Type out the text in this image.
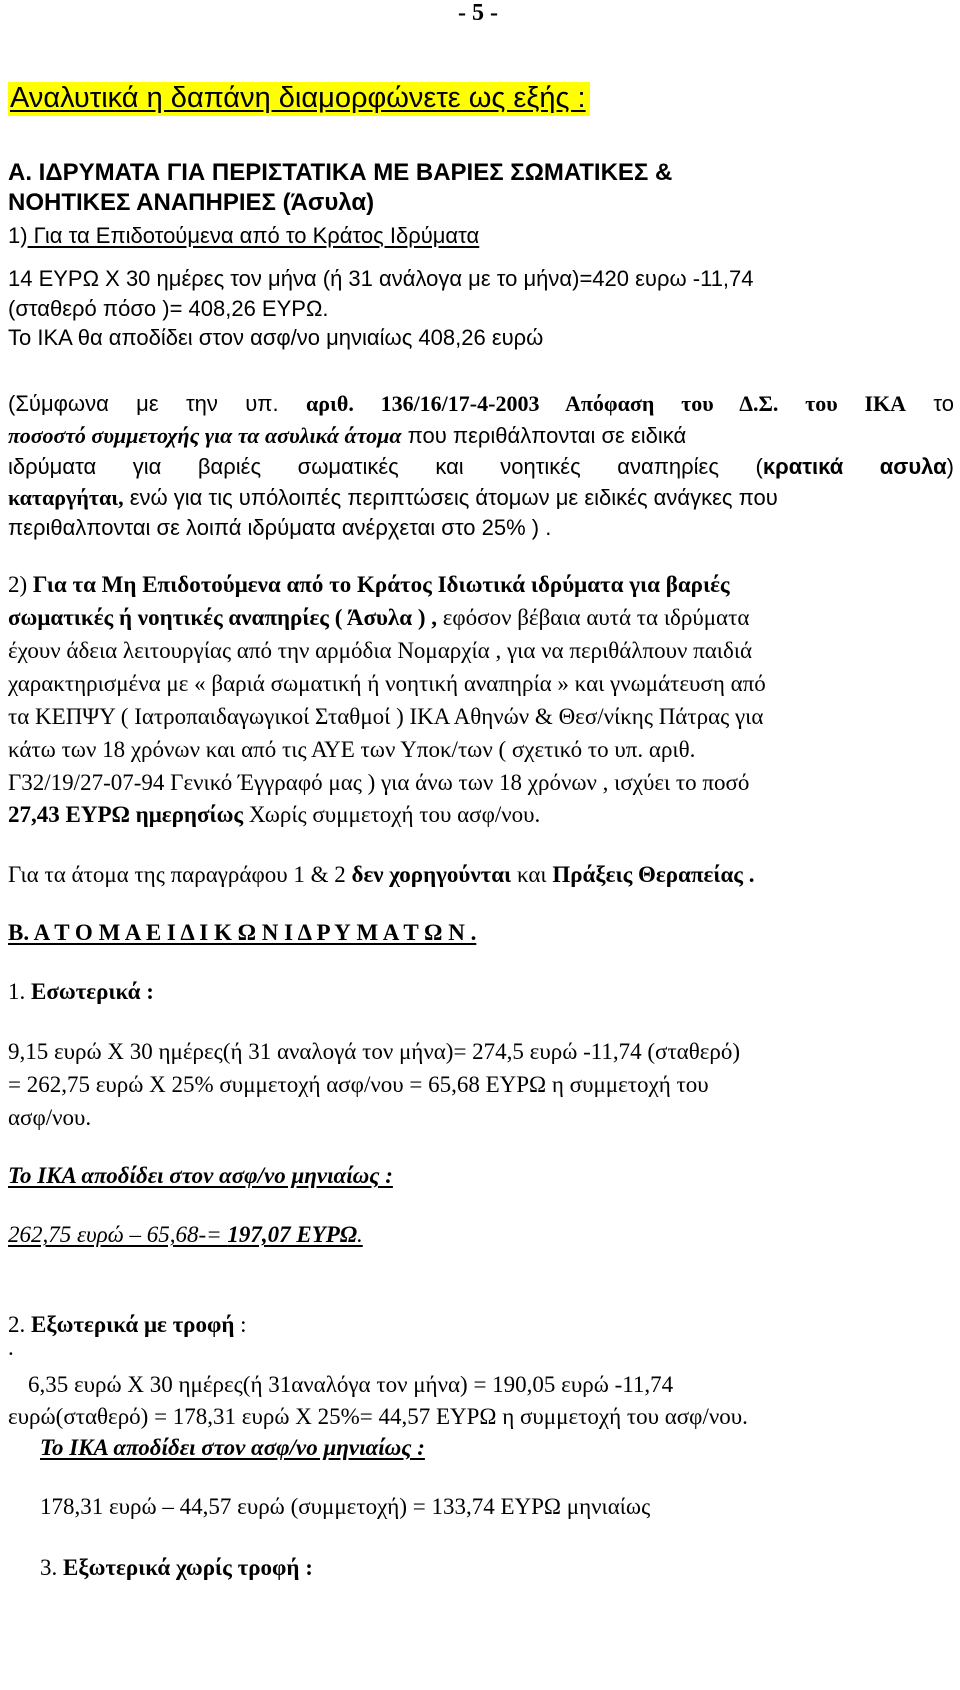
- 5 -
Αναλυτικά η δαπάνη διαμορφώνετε ως εξής :
Α. ΙΔΡΥΜΑΤΑ ΓΙΑ ΠΕΡΙΣΤΑΤΙΚΑ ΜΕ ΒΑΡΙΕΣ ΣΩΜΑΤΙΚΕΣ &
ΝΟΗΤΙΚΕΣ ΑΝΑΠΗΡΙΕΣ (Άσυλα)
1) Για τα Επιδοτούμενα από το Κράτος Ιδρύματα
14 ΕΥΡΩ Χ 30 ημέρες τον μήνα (ή 31 ανάλογα με το μήνα)=420 ευρω -11,74
(σταθερό πόσο )= 408,26 ΕΥΡΩ.
Το ΙΚΑ θα αποδίδει στον ασφ/νο μηνιαίως 408,26 ευρώ
(Σύμφωνα με την υπ. αριθ. 136/16/17-4-2003 Απόφαση του Δ.Σ. του ΙΚΑ το
ποσοστό συμμετοχής για τα ασυλικά άτομα που περιθάλπονται σε ειδικά
ιδρύματα για βαριές σωματικές και νοητικές αναπηρίες (κρατικά ασυλα)
καταργήται, ενώ για τις υπόλοιπές περιπτώσεις άτομων με ειδικές ανάγκες που
περιθαλπονται σε λοιπά ιδρύματα ανέρχεται στο 25% ) .
2) Για τα Μη Επιδοτούμενα από το Κράτος Ιδιωτικά ιδρύματα για βαριές
σωματικές ή νοητικές αναπηρίες ( Άσυλα ) , εφόσον βέβαια αυτά τα ιδρύματα
έχουν άδεια λειτουργίας από την αρμόδια Νομαρχία , για να περιθάλπουν παιδιά
χαρακτηρισμένα με « βαριά σωματική ή νοητική αναπηρία » και γνωμάτευση από
τα ΚΕΠΨΥ ( Ιατροπαιδαγωγικοί Σταθμοί ) ΙΚΑ Αθηνών & Θεσ/νίκης Πάτρας για
κάτω των 18 χρόνων και από τις ΑΥΕ των Υποκ/των ( σχετικό το υπ. αριθ.
Γ32/19/27-07-94 Γενικό Έγγραφό μας ) για άνω των 18 χρόνων , ισχύει το ποσό
27,43 ΕΥΡΩ ημερησίως Χωρίς συμμετοχή του ασφ/νου.
Για τα άτομα της παραγράφου 1 & 2 δεν χορηγούνται και Πράξεις Θεραπείας .
Β. Α Τ Ο Μ Α Ε Ι Δ Ι Κ Ω Ν Ι Δ Ρ Υ Μ Α Τ Ω Ν .
1. Εσωτερικά :
9,15 ευρώ Χ 30 ημέρες(ή 31 αναλογά τον μήνα)= 274,5 ευρώ -11,74 (σταθερό)
= 262,75 ευρώ Χ 25% συμμετοχή ασφ/νου = 65,68 ΕΥΡΩ η συμμετοχή του
ασφ/νου.
Το ΙΚΑ αποδίδει στον ασφ/νο μηνιαίως :
262,75 ευρώ – 65,68-= 197,07 ΕΥΡΩ.
2. Εξωτερικά με τροφή :
.
6,35 ευρώ Χ 30 ημέρες(ή 31αναλόγα τον μήνα) = 190,05 ευρώ -11,74
ευρώ(σταθερό) = 178,31 ευρώ Χ 25%= 44,57 ΕΥΡΩ η συμμετοχή του ασφ/νου.
Το ΙΚΑ αποδίδει στον ασφ/νο μηνιαίως :
178,31 ευρώ – 44,57 ευρώ (συμμετοχή) = 133,74 ΕΥΡΩ μηνιαίως
3. Εξωτερικά χωρίς τροφή :
